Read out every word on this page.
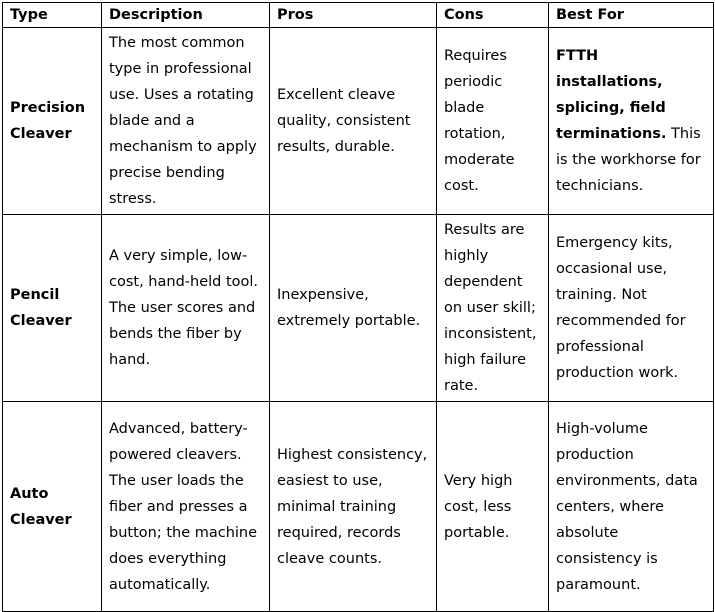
Type	Description	Pros	Cons	Best For
Precision Cleaver	The most common type in professional use. Uses a rotating blade and a mechanism to apply precise bending stress.	Excellent cleave quality, consistent results, durable.	Requires periodic blade rotation, moderate cost.	FTTH installations, splicing, field terminations. This is the workhorse for technicians.
Pencil Cleaver	A very simple, low-cost, hand-held tool. The user scores and bends the fiber by hand.	Inexpensive, extremely portable.	Results are highly dependent on user skill; inconsistent, high failure rate.	Emergency kits, occasional use, training. Not recommended for professional production work.
Auto Cleaver	Advanced, battery-powered cleavers. The user loads the fiber and presses a button; the machine does everything automatically.	Highest consistency, easiest to use, minimal training required, records cleave counts.	Very high cost, less portable.	High-volume production environments, data centers, where absolute consistency is paramount.
